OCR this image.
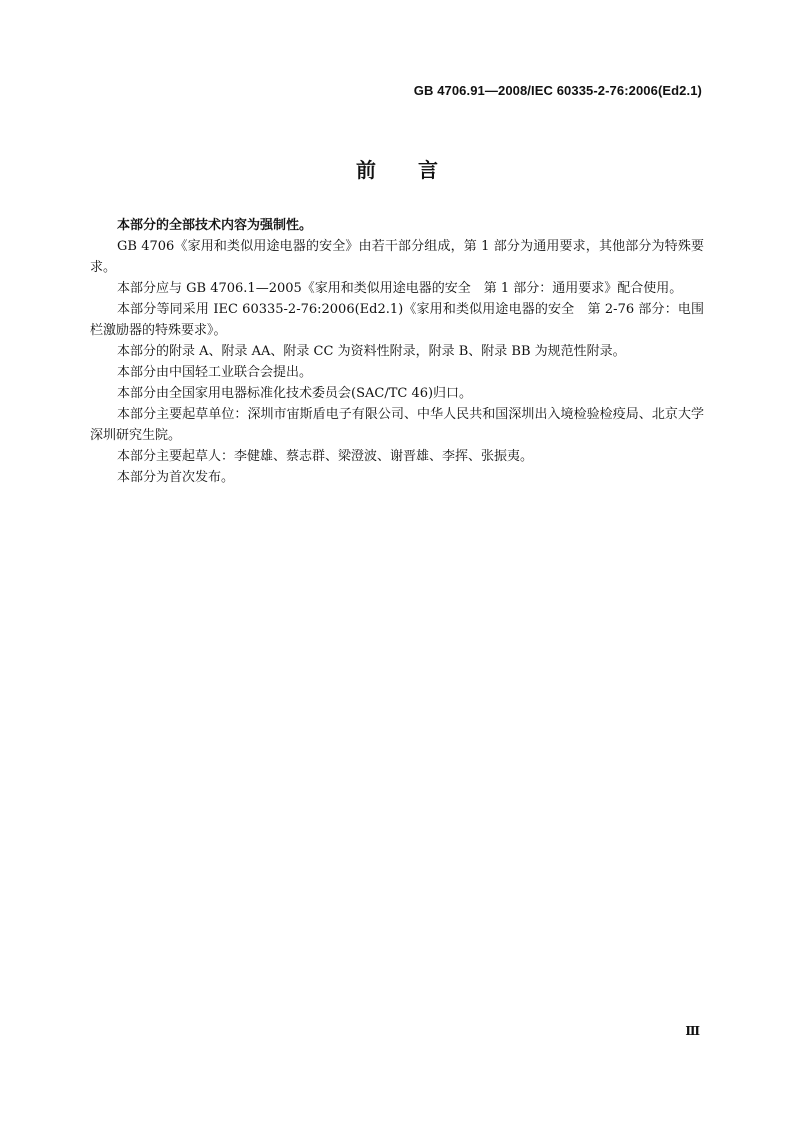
GB 4706.91—2008/IEC 60335-2-76:2006(Ed2.1)
前 言

本部分的全部技术内容为强制性。

GB 4706《家用和类似用途电器的安全》由若干部分组成，第 1 部分为通用要求，其他部分为特殊要求。

本部分应与 GB 4706.1—2005《家用和类似用途电器的安全　第 1 部分：通用要求》配合使用。

本部分等同采用 IEC 60335-2-76:2006(Ed2.1)《家用和类似用途电器的安全　第 2-76 部分：电围栏激励器的特殊要求》。

本部分的附录 A、附录 AA、附录 CC 为资料性附录，附录 B、附录 BB 为规范性附录。

本部分由中国轻工业联合会提出。

本部分由全国家用电器标准化技术委员会(SAC/TC 46)归口。

本部分主要起草单位：深圳市宙斯盾电子有限公司、中华人民共和国深圳出入境检验检疫局、北京大学深圳研究生院。

本部分主要起草人：李健雄、蔡志群、梁澄波、谢晋雄、李挥、张振夷。

本部分为首次发布。

Ⅲ
